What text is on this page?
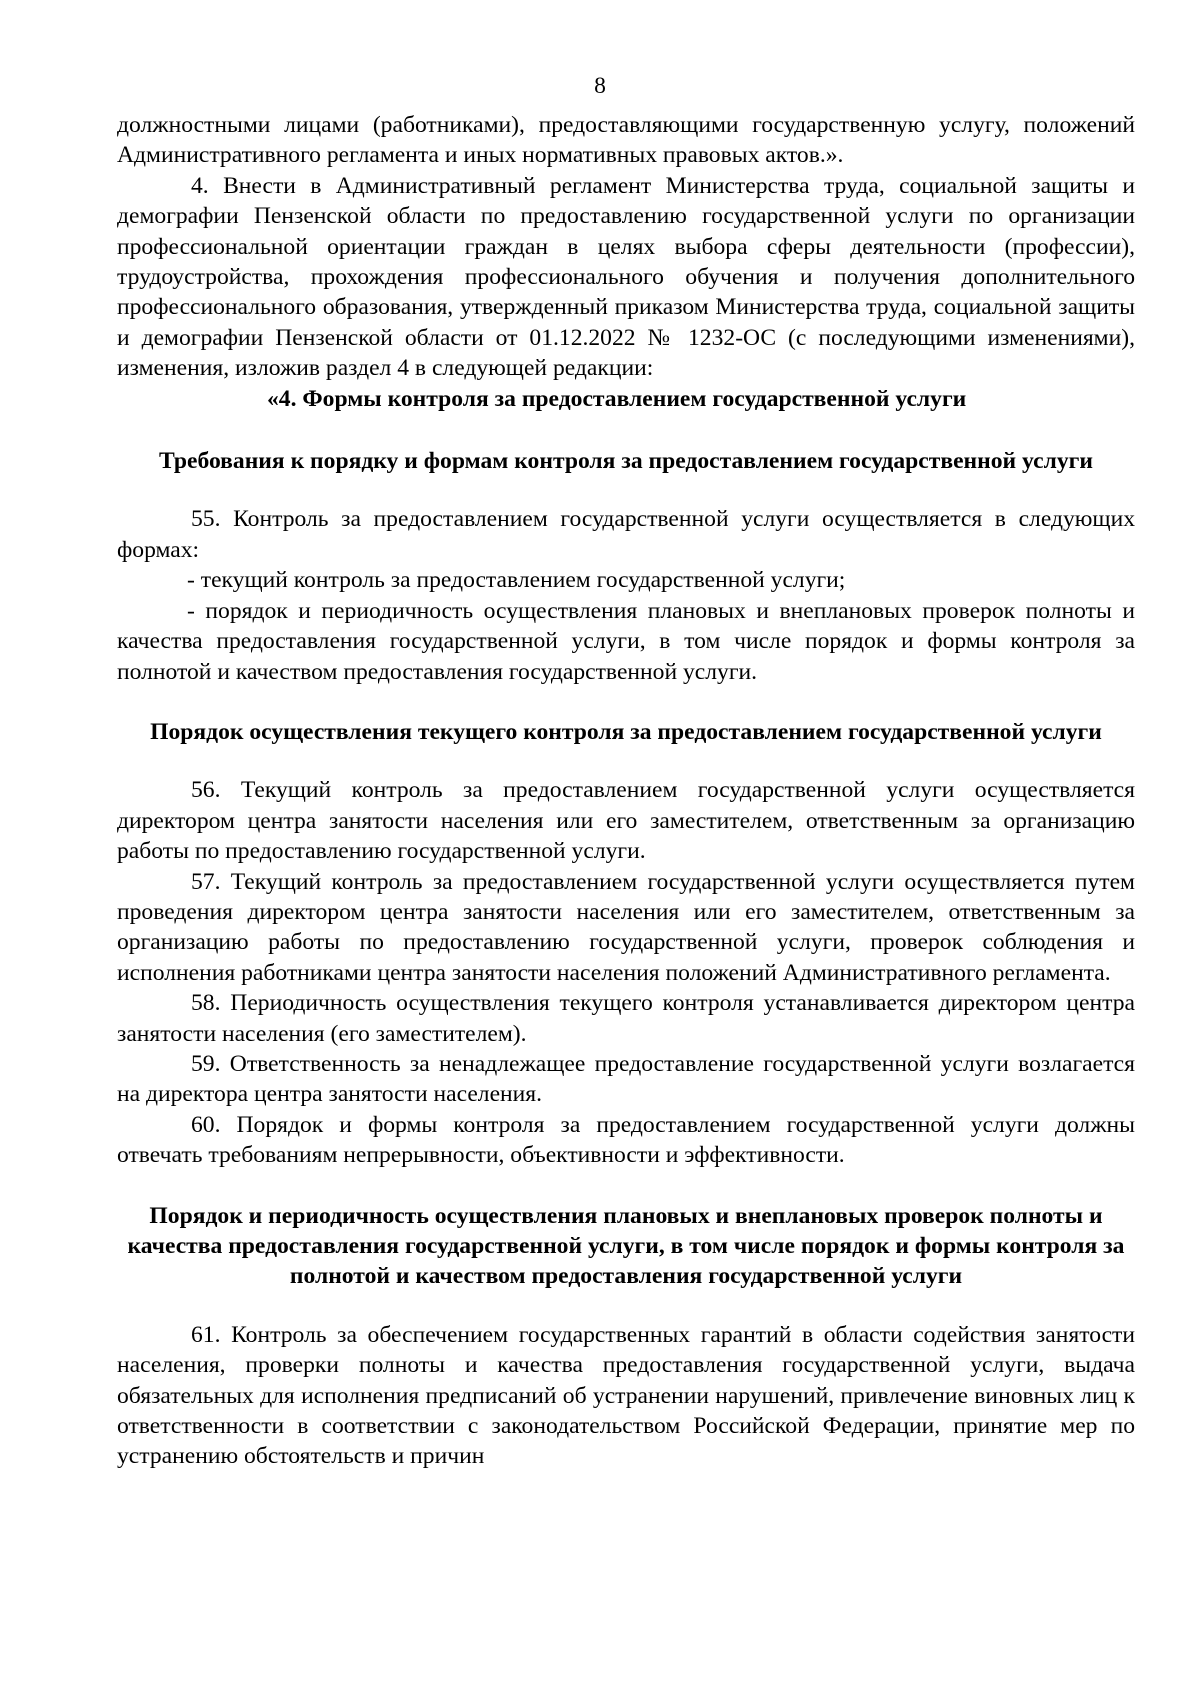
8

должностными лицами (работниками), предоставляющими государственную услугу, положений Административного регламента и иных нормативных правовых актов.».

4. Внести в Административный регламент Министерства труда, социальной защиты и демографии Пензенской области по предоставлению государственной услуги по организации профессиональной ориентации граждан в целях выбора сферы деятельности (профессии), трудоустройства, прохождения профессионального обучения и получения дополнительного профессионального образования, утвержденный приказом Министерства труда, социальной защиты и демографии Пензенской области от 01.12.2022 № 1232-ОС (с последующими изменениями), изменения, изложив раздел 4 в следующей редакции:

«4. Формы контроля за предоставлением государственной услуги

Требования к порядку и формам контроля за предоставлением государственной услуги

55. Контроль за предоставлением государственной услуги осуществляется в следующих формах:

- текущий контроль за предоставлением государственной услуги;

- порядок и периодичность осуществления плановых и внеплановых проверок полноты и качества предоставления государственной услуги, в том числе порядок и формы контроля за полнотой и качеством предоставления государственной услуги.

Порядок осуществления текущего контроля за предоставлением государственной услуги

56. Текущий контроль за предоставлением государственной услуги осуществляется директором центра занятости населения или его заместителем, ответственным за организацию работы по предоставлению государственной услуги.

57. Текущий контроль за предоставлением государственной услуги осуществляется путем проведения директором центра занятости населения или его заместителем, ответственным за организацию работы по предоставлению государственной услуги, проверок соблюдения и исполнения работниками центра занятости населения положений Административного регламента.

58. Периодичность осуществления текущего контроля устанавливается директором центра занятости населения (его заместителем).

59. Ответственность за ненадлежащее предоставление государственной услуги возлагается на директора центра занятости населения.

60. Порядок и формы контроля за предоставлением государственной услуги должны отвечать требованиям непрерывности, объективности и эффективности.

Порядок и периодичность осуществления плановых и внеплановых проверок полноты и качества предоставления государственной услуги, в том числе порядок и формы контроля за полнотой и качеством предоставления государственной услуги

61. Контроль за обеспечением государственных гарантий в области содействия занятости населения, проверки полноты и качества предоставления государственной услуги, выдача обязательных для исполнения предписаний об устранении нарушений, привлечение виновных лиц к ответственности в соответствии с законодательством Российской Федерации, принятие мер по устранению обстоятельств и причин
